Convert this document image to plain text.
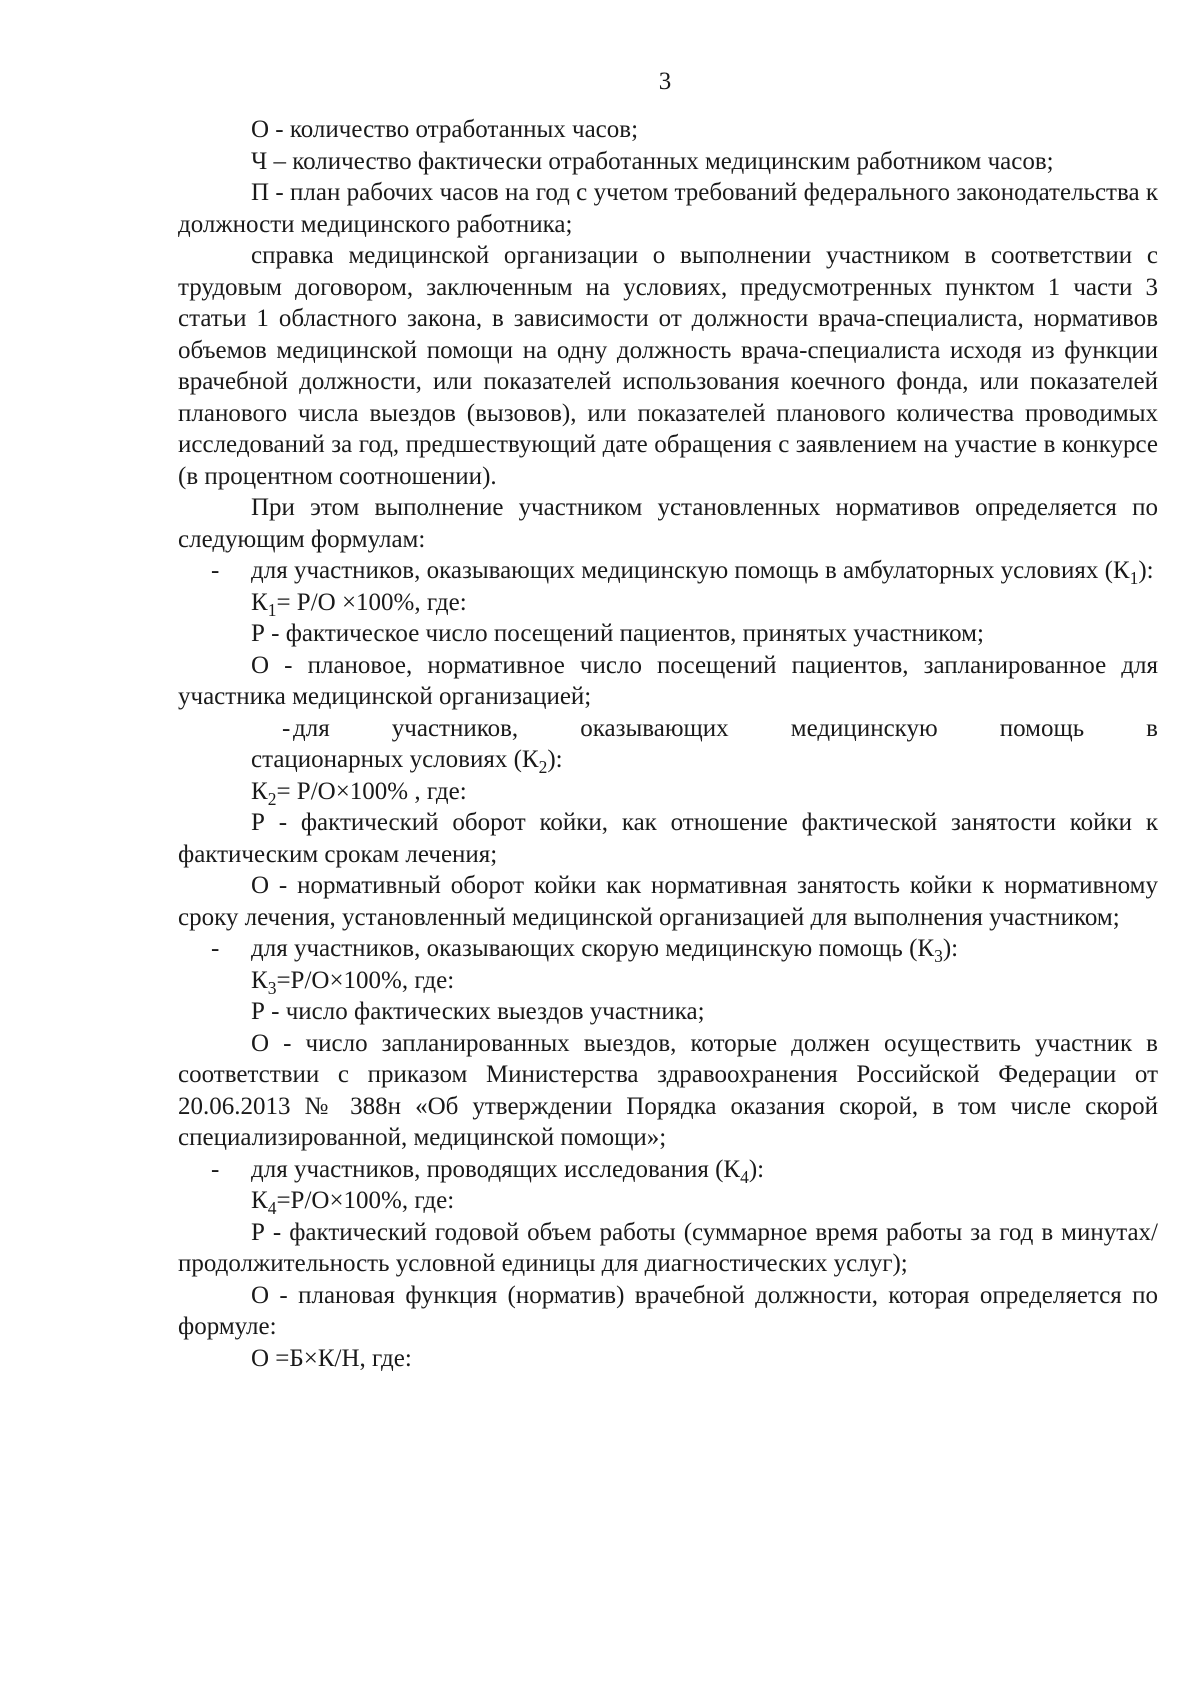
3

О - количество отработанных часов;

Ч – количество фактически отработанных медицинским работником часов;

П - план рабочих часов на год с учетом требований федерального законодательства к должности медицинского работника;

справка медицинской организации о выполнении участником в соответствии с трудовым договором, заключенным на условиях, предусмотренных пунктом 1 части 3 статьи 1 областного закона, в зависимости от должности врача-специалиста, нормативов объемов медицинской помощи на одну должность врача-специалиста исходя из функции врачебной должности, или показателей использования коечного фонда, или показателей планового числа выездов (вызовов), или показателей планового количества проводимых исследований за год, предшествующий дате обращения с заявлением на участие в конкурсе (в процентном соотношении).

При этом выполнение участником установленных нормативов определяется по следующим формулам:

- для участников, оказывающих медицинскую помощь в амбулаторных условиях $(К_1)$:

$К_1= Р/О \times 100\%$, где:

Р - фактическое число посещений пациентов, принятых участником;

О - плановое, нормативное число посещений пациентов, запланированное для участника медицинской организацией;

- для участников, оказывающих медицинскую помощь в
стационарных условиях $(К_2)$:

$К_2= Р/О\times 100\%$ , где:

Р - фактический оборот койки, как отношение фактической занятости койки к фактическим срокам лечения;

О - нормативный оборот койки как нормативная занятость койки к нормативному сроку лечения, установленный медицинской организацией для выполнения участником;

- для участников, оказывающих скорую медицинскую помощь $(К_3)$:

$К_3=Р/О\times 100\%$, где:

Р - число фактических выездов участника;

О - число запланированных выездов, которые должен осуществить участник в соответствии с приказом Министерства здравоохранения Российской Федерации от 20.06.2013 № 388н «Об утверждении Порядка оказания скорой, в том числе скорой специализированной, медицинской помощи»;

- для участников, проводящих исследования $(К_4)$:

$К_4=Р/О\times 100\%$, где:

Р - фактический годовой объем работы (суммарное время работы за год в минутах/продолжительность условной единицы для диагностических услуг);

О - плановая функция (норматив) врачебной должности, которая определяется по формуле:

О =Б×К/Н, где:
